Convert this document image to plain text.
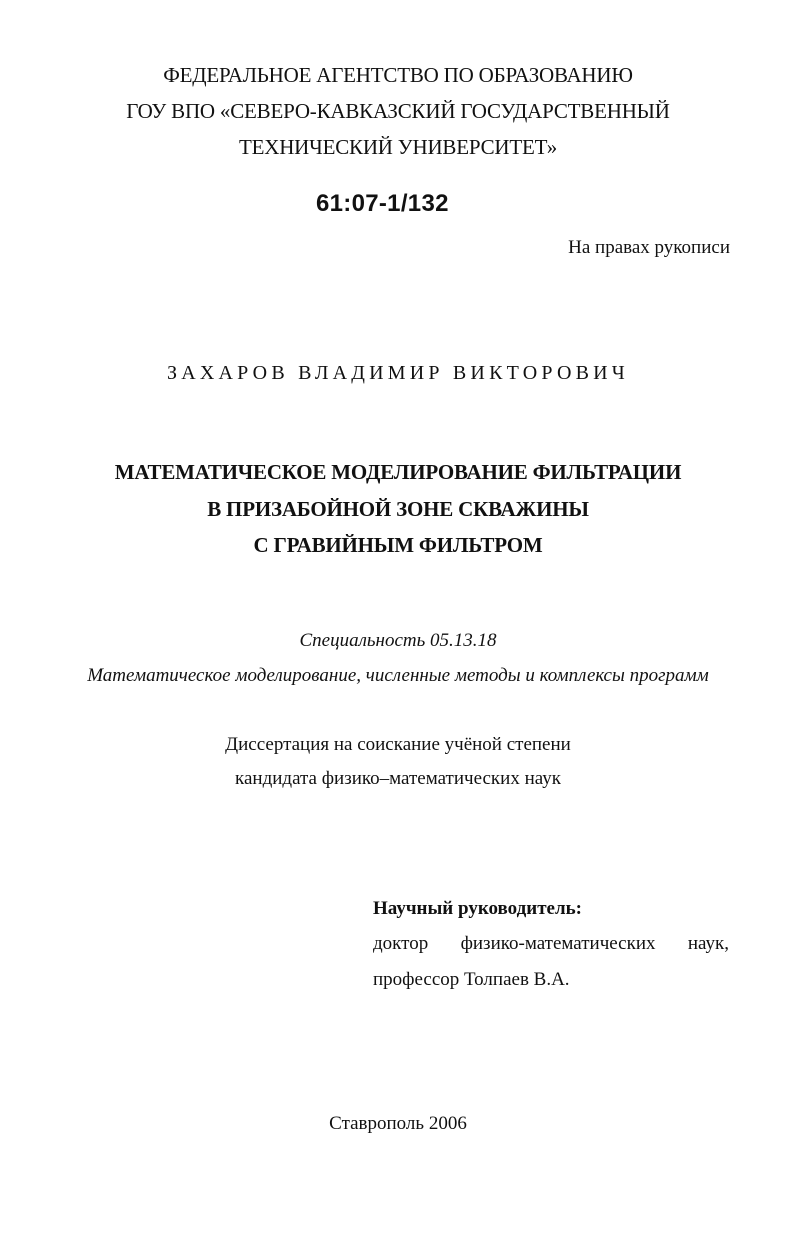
ФЕДЕРАЛЬНОЕ АГЕНТСТВО ПО ОБРАЗОВАНИЮ
ГОУ ВПО «СЕВЕРО-КАВКАЗСКИЙ ГОСУДАРСТВЕННЫЙ
ТЕХНИЧЕСКИЙ УНИВЕРСИТЕТ»
61:07-1/132
На правах рукописи
ЗАХАРОВ ВЛАДИМИР ВИКТОРОВИЧ
МАТЕМАТИЧЕСКОЕ МОДЕЛИРОВАНИЕ ФИЛЬТРАЦИИ
В ПРИЗАБОЙНОЙ ЗОНЕ СКВАЖИНЫ
С ГРАВИЙНЫМ ФИЛЬТРОМ
Специальность 05.13.18
Математическое моделирование, численные методы и комплексы программ
Диссертация на соискание учёной степени
кандидата физико–математических наук
Научный руководитель:
доктор физико-математических наук,
профессор Толпаев В.А.
Ставрополь 2006
